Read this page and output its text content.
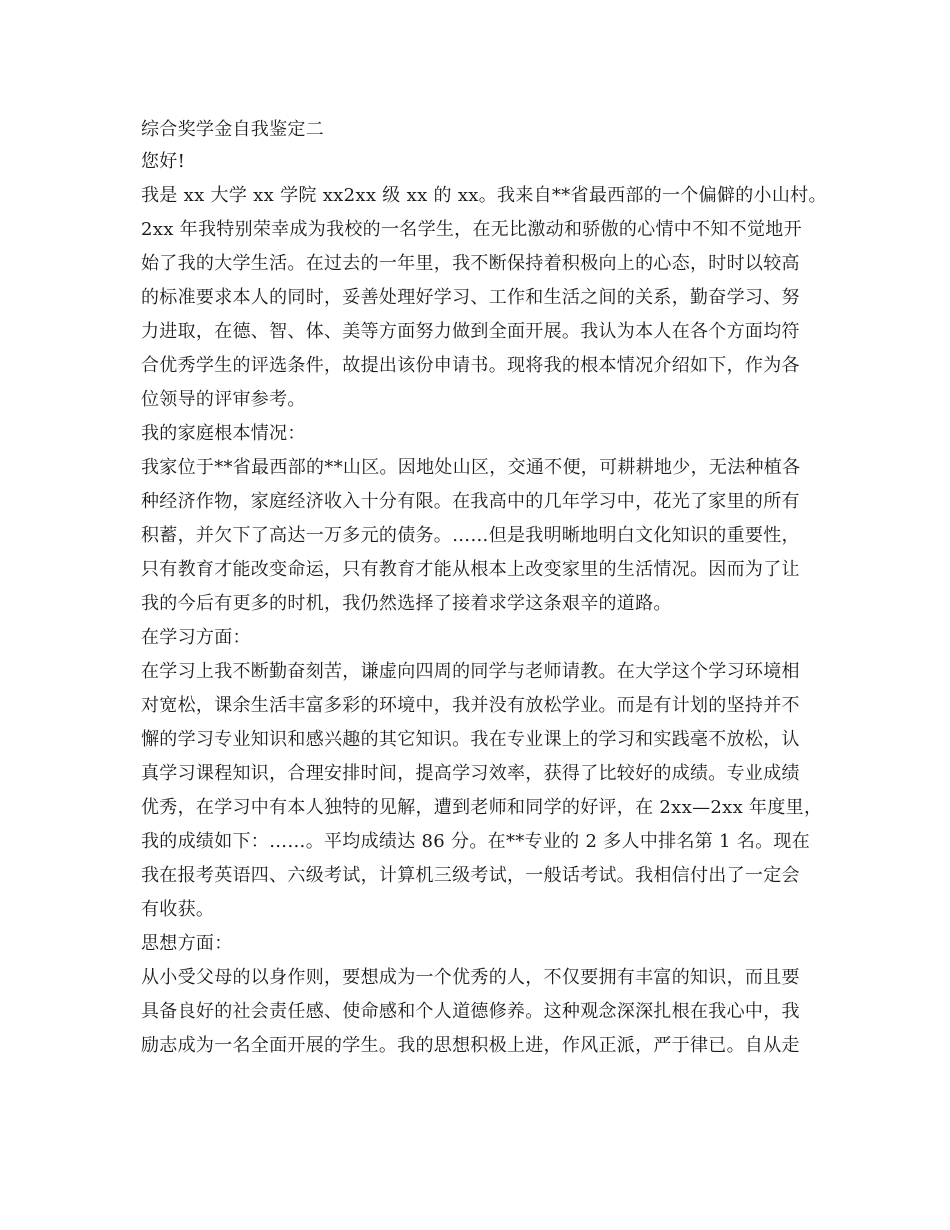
综合奖学金自我鉴定二
您好!
我是 xx 大学 xx 学院 xx2xx 级 xx 的 xx。我来自**省最西部的一个偏僻的小山村。
2xx 年我特别荣幸成为我校的一名学生，在无比激动和骄傲的心情中不知不觉地开
始了我的大学生活。在过去的一年里，我不断保持着积极向上的心态，时时以较高
的标准要求本人的同时，妥善处理好学习、工作和生活之间的关系，勤奋学习、努
力进取，在德、智、体、美等方面努力做到全面开展。我认为本人在各个方面均符
合优秀学生的评选条件，故提出该份申请书。现将我的根本情况介绍如下，作为各
位领导的评审参考。
我的家庭根本情况：
我家位于**省最西部的**山区。因地处山区，交通不便，可耕耕地少，无法种植各
种经济作物，家庭经济收入十分有限。在我高中的几年学习中，花光了家里的所有
积蓄，并欠下了高达一万多元的债务。……但是我明晰地明白文化知识的重要性，
只有教育才能改变命运，只有教育才能从根本上改变家里的生活情况。因而为了让
我的今后有更多的时机，我仍然选择了接着求学这条艰辛的道路。
在学习方面：
在学习上我不断勤奋刻苦，谦虚向四周的同学与老师请教。在大学这个学习环境相
对宽松，课余生活丰富多彩的环境中，我并没有放松学业。而是有计划的坚持并不
懈的学习专业知识和感兴趣的其它知识。我在专业课上的学习和实践毫不放松，认
真学习课程知识，合理安排时间，提高学习效率，获得了比较好的成绩。专业成绩
优秀，在学习中有本人独特的见解，遭到老师和同学的好评，在 2xx—2xx 年度里，
我的成绩如下：……。平均成绩达 86 分。在**专业的 2 多人中排名第 1 名。现在
我在报考英语四、六级考试，计算机三级考试，一般话考试。我相信付出了一定会
有收获。
思想方面：
从小受父母的以身作则，要想成为一个优秀的人，不仅要拥有丰富的知识，而且要
具备良好的社会责任感、使命感和个人道德修养。这种观念深深扎根在我心中，我
励志成为一名全面开展的学生。我的思想积极上进，作风正派，严于律已。自从走
